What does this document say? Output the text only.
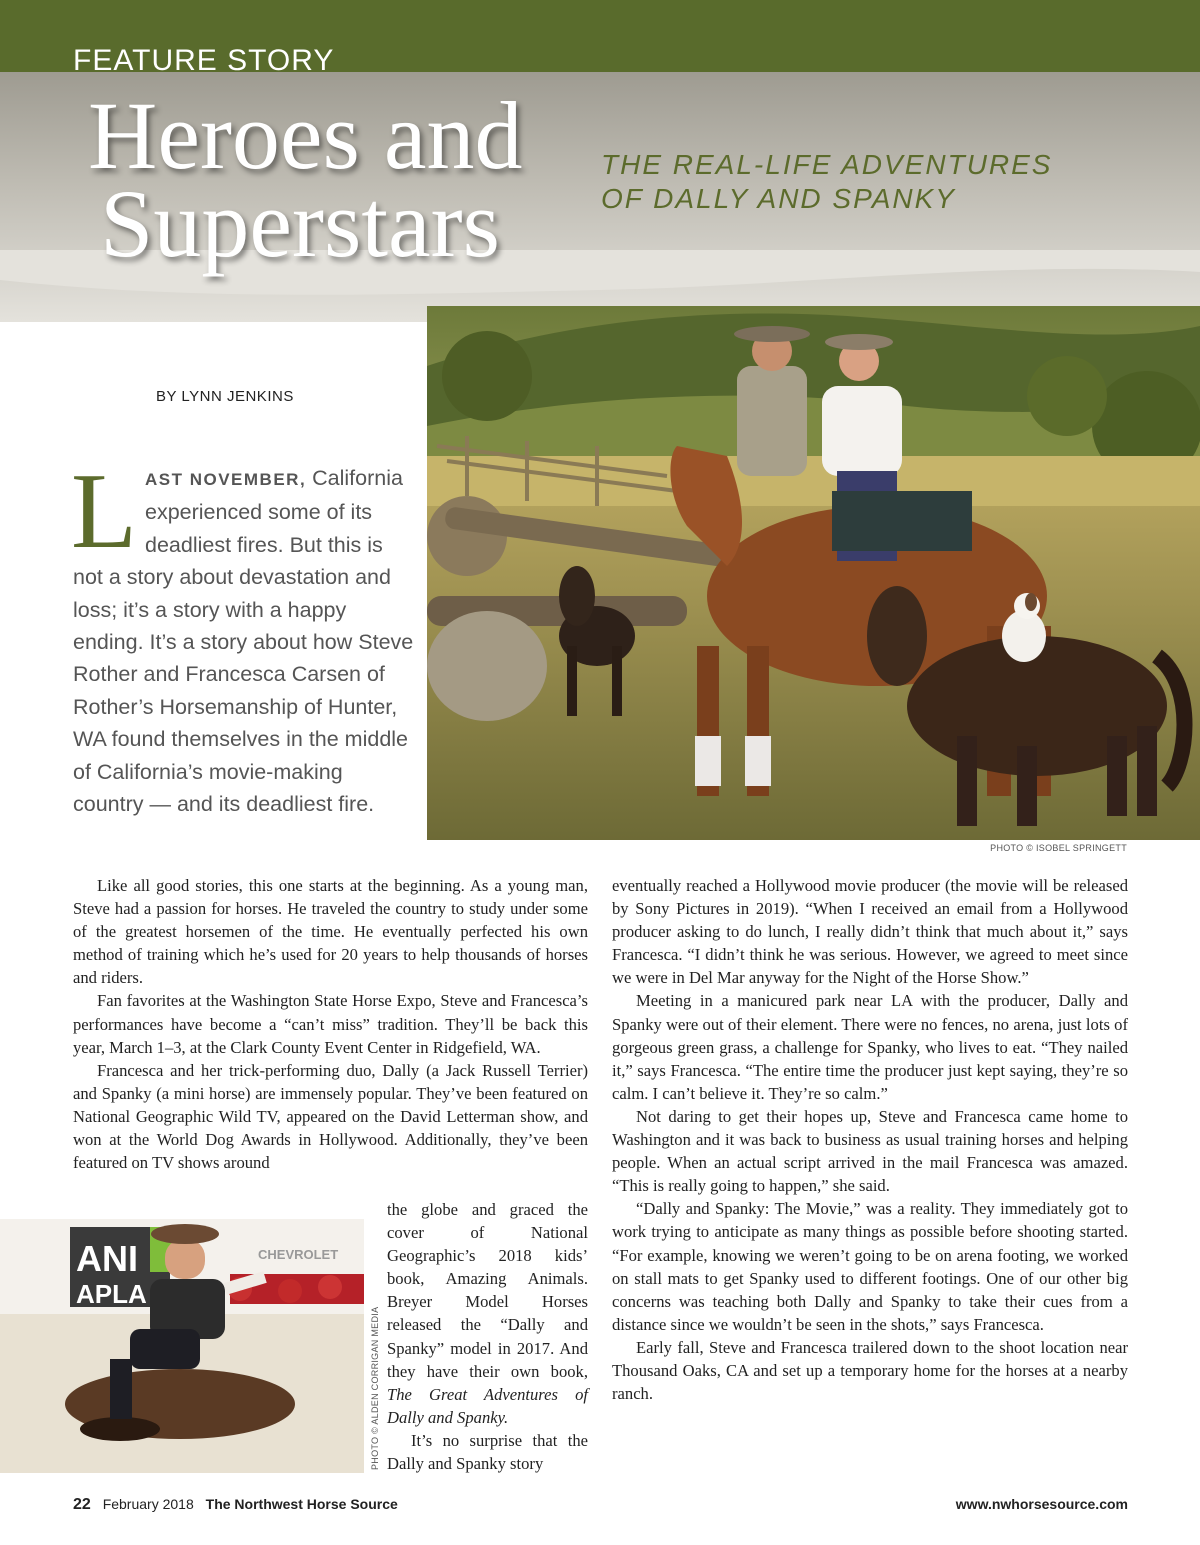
FEATURE STORY
Heroes and
Superstars
THE REAL-LIFE ADVENTURES
OF DALLY AND SPANKY
PHOTO © ISOBEL SPRINGETT
BY LYNN JENKINS

LAST NOVEMBER, California experienced some of its deadliest fires. But this is not a story about devastation and loss; it’s a story with a happy ending. It’s a story about how Steve Rother and Francesca Carsen of Rother’s Horsemanship of Hunter, WA found themselves in the middle of California’s movie-making country — and its deadliest fire.

Like all good stories, this one starts at the beginning. As a young man, Steve had a passion for horses. He traveled the country to study under some of the greatest horsemen of the time. He eventually perfected his own method of training which he’s used for 20 years to help thousands of horses and riders.

Fan favorites at the Washington State Horse Expo, Steve and Francesca’s performances have become a “can’t miss” tradition. They’ll be back this year, March 1–3, at the Clark County Event Center in Ridgefield, WA.

Francesca and her trick-performing duo, Dally (a Jack Russell Terrier) and Spanky (a mini horse) are immensely popular. They’ve been featured on National Geographic Wild TV, appeared on the David Letterman show, and won at the World Dog Awards in Hollywood. Additionally, they’ve been featured on TV shows around

ANI
APLA
CHEVROLET
PHOTO © ALDEN CORRIGAN MEDIA

the globe and graced the cover of National Geographic’s 2018 kids’ book, Amazing Animals. Breyer Model Horses released the “Dally and Spanky” model in 2017. And they have their own book, The Great Adventures of Dally and Spanky.

It’s no surprise that the Dally and Spanky story

eventually reached a Hollywood movie producer (the movie will be released by Sony Pictures in 2019). “When I received an email from a Hollywood producer asking to do lunch, I really didn’t think that much about it,” says Francesca. “I didn’t think he was serious. However, we agreed to meet since we were in Del Mar anyway for the Night of the Horse Show.”

Meeting in a manicured park near LA with the producer, Dally and Spanky were out of their element. There were no fences, no arena, just lots of gorgeous green grass, a challenge for Spanky, who lives to eat. “They nailed it,” says Francesca. “The entire time the producer just kept saying, they’re so calm. I can’t believe it. They’re so calm.”

Not daring to get their hopes up, Steve and Francesca came home to Washington and it was back to business as usual training horses and helping people. When an actual script arrived in the mail Francesca was amazed. “This is really going to happen,” she said.

“Dally and Spanky: The Movie,” was a reality. They immediately got to work trying to anticipate as many things as possible before shooting started. “For example, knowing we weren’t going to be on arena footing, we worked on stall mats to get Spanky used to different footings. One of our other big concerns was teaching both Dally and Spanky to take their cues from a distance since we wouldn’t be seen in the shots,” says Francesca.

Early fall, Steve and Francesca trailered down to the shoot location near Thousand Oaks, CA and set up a temporary home for the horses at a nearby ranch.

22 February 2018 The Northwest Horse Source	www.nwhorsesource.com
